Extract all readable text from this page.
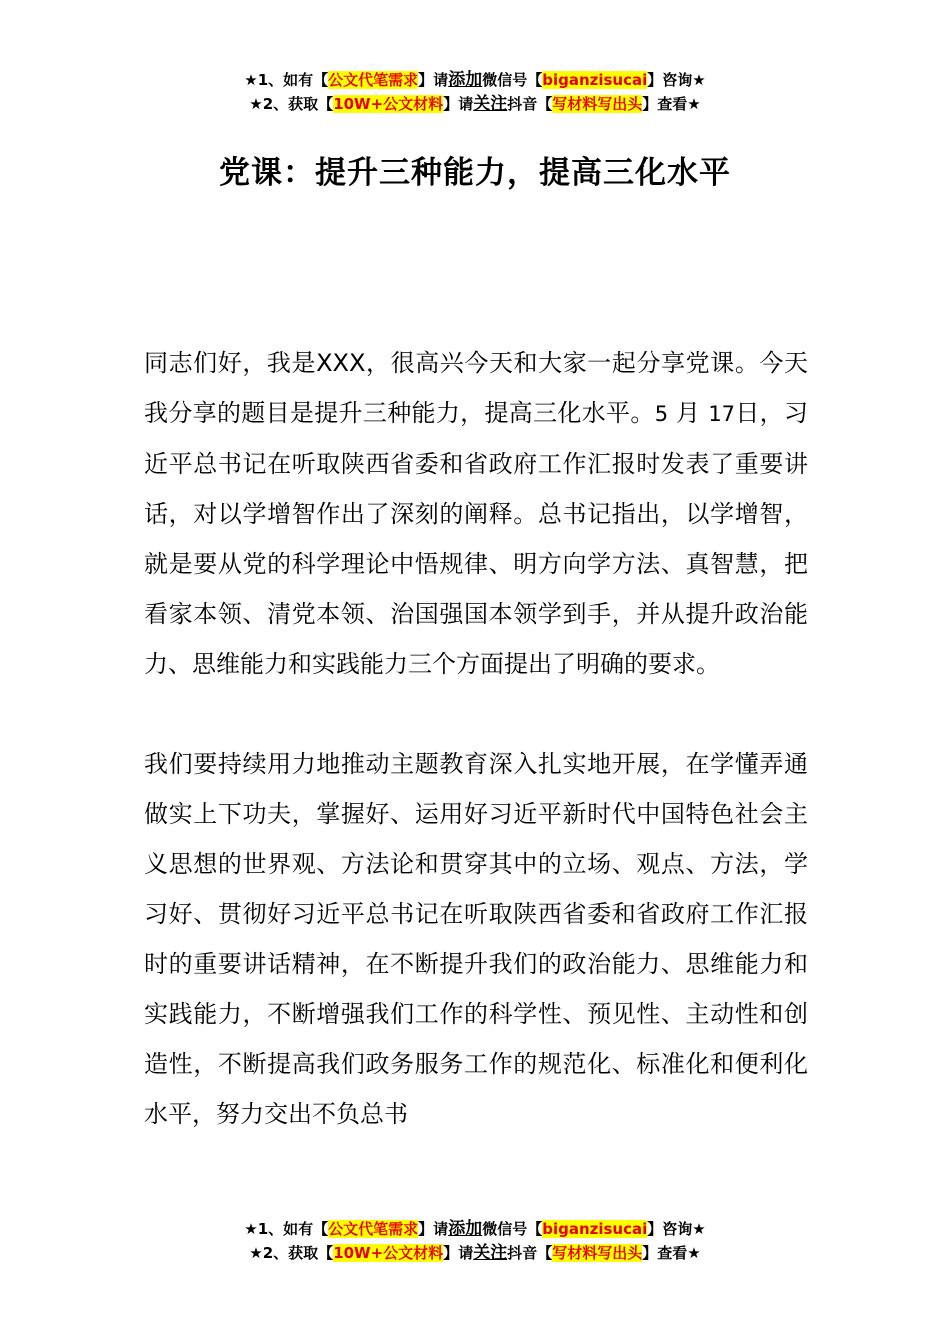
★1、如有【公文代笔需求】请添加微信号【biganzisucai】咨询★
★2、获取【10W+公文材料】请关注抖音【写材料写出头】查看★
党课：提升三种能力，提高三化水平

同志们好，我是XXX，很高兴今天和大家一起分享党课。今天我分享的题目是提升三种能力，提高三化水平。5 月 17日，习近平总书记在听取陕西省委和省政府工作汇报时发表了重要讲话，对以学增智作出了深刻的阐释。总书记指出，以学增智，就是要从党的科学理论中悟规律、明方向学方法、真智慧，把看家本领、清党本领、治国强国本领学到手，并从提升政治能力、思维能力和实践能力三个方面提出了明确的要求。

我们要持续用力地推动主题教育深入扎实地开展，在学懂弄通做实上下功夫，掌握好、运用好习近平新时代中国特色社会主义思想的世界观、方法论和贯穿其中的立场、观点、方法，学习好、贯彻好习近平总书记在听取陕西省委和省政府工作汇报时的重要讲话精神，在不断提升我们的政治能力、思维能力和实践能力，不断增强我们工作的科学性、预见性、主动性和创造性，不断提高我们政务服务工作的规范化、标准化和便利化水平，努力交出不负总书

★1、如有【公文代笔需求】请添加微信号【biganzisucai】咨询★
★2、获取【10W+公文材料】请关注抖音【写材料写出头】查看★
